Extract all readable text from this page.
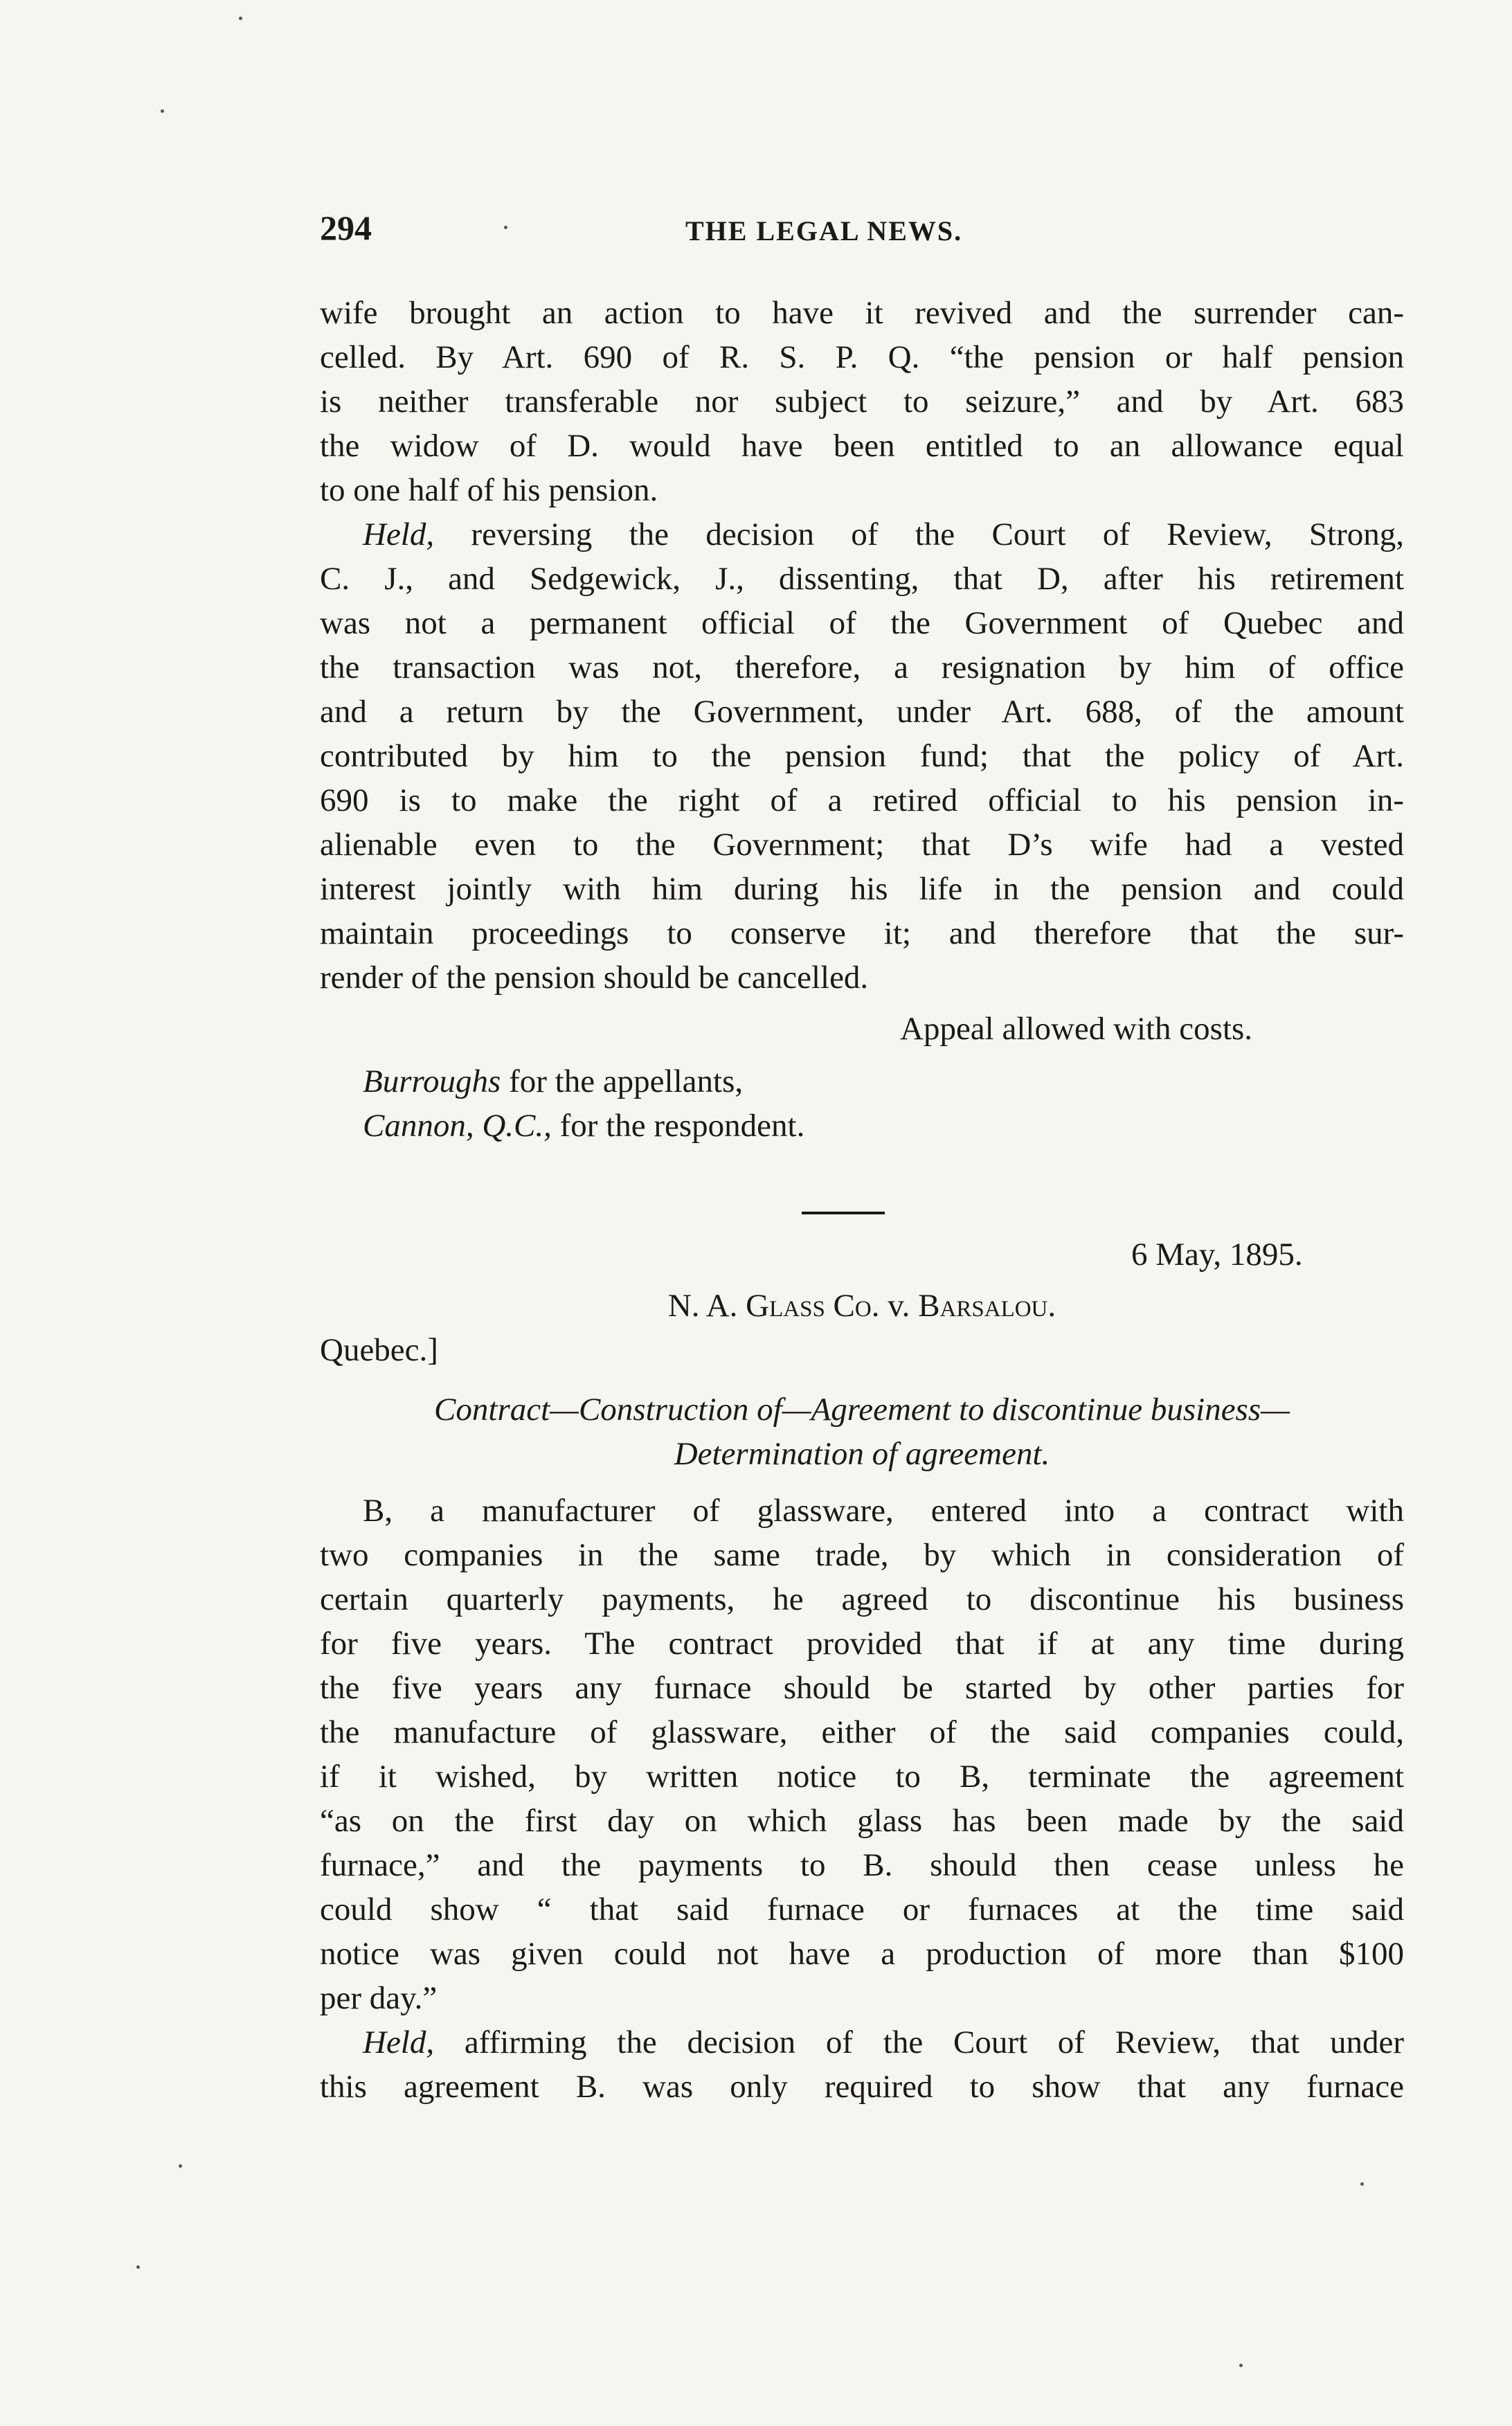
294	THE LEGAL NEWS.
wife brought an action to have it revived and the surrender can-
celled. By Art. 690 of R. S. P. Q. “the pension or half pension
is neither transferable nor subject to seizure,” and by Art. 683
the widow of D. would have been entitled to an allowance equal
to one half of his pension.
Held, reversing the decision of the Court of Review, Strong,
C. J., and Sedgewick, J., dissenting, that D, after his retirement
was not a permanent official of the Government of Quebec and
the transaction was not, therefore, a resignation by him of office
and a return by the Government, under Art. 688, of the amount
contributed by him to the pension fund; that the policy of Art.
690 is to make the right of a retired official to his pension in-
alienable even to the Government; that D’s wife had a vested
interest jointly with him during his life in the pension and could
maintain proceedings to conserve it; and therefore that the sur-
render of the pension should be cancelled.
Appeal allowed with costs.
Burroughs for the appellants,
Cannon, Q.C., for the respondent.
6 May, 1895.
N. A. Glass Co. v. Barsalou.
Quebec.]
Contract—Construction of—Agreement to discontinue business—
Determination of agreement.
B, a manufacturer of glassware, entered into a contract with
two companies in the same trade, by which in consideration of
certain quarterly payments, he agreed to discontinue his business
for five years. The contract provided that if at any time during
the five years any furnace should be started by other parties for
the manufacture of glassware, either of the said companies could,
if it wished, by written notice to B, terminate the agreement
“as on the first day on which glass has been made by the said
furnace,” and the payments to B. should then cease unless he
could show “ that said furnace or furnaces at the time said
notice was given could not have a production of more than $100
per day.”
Held, affirming the decision of the Court of Review, that under
this agreement B. was only required to show that any furnace
